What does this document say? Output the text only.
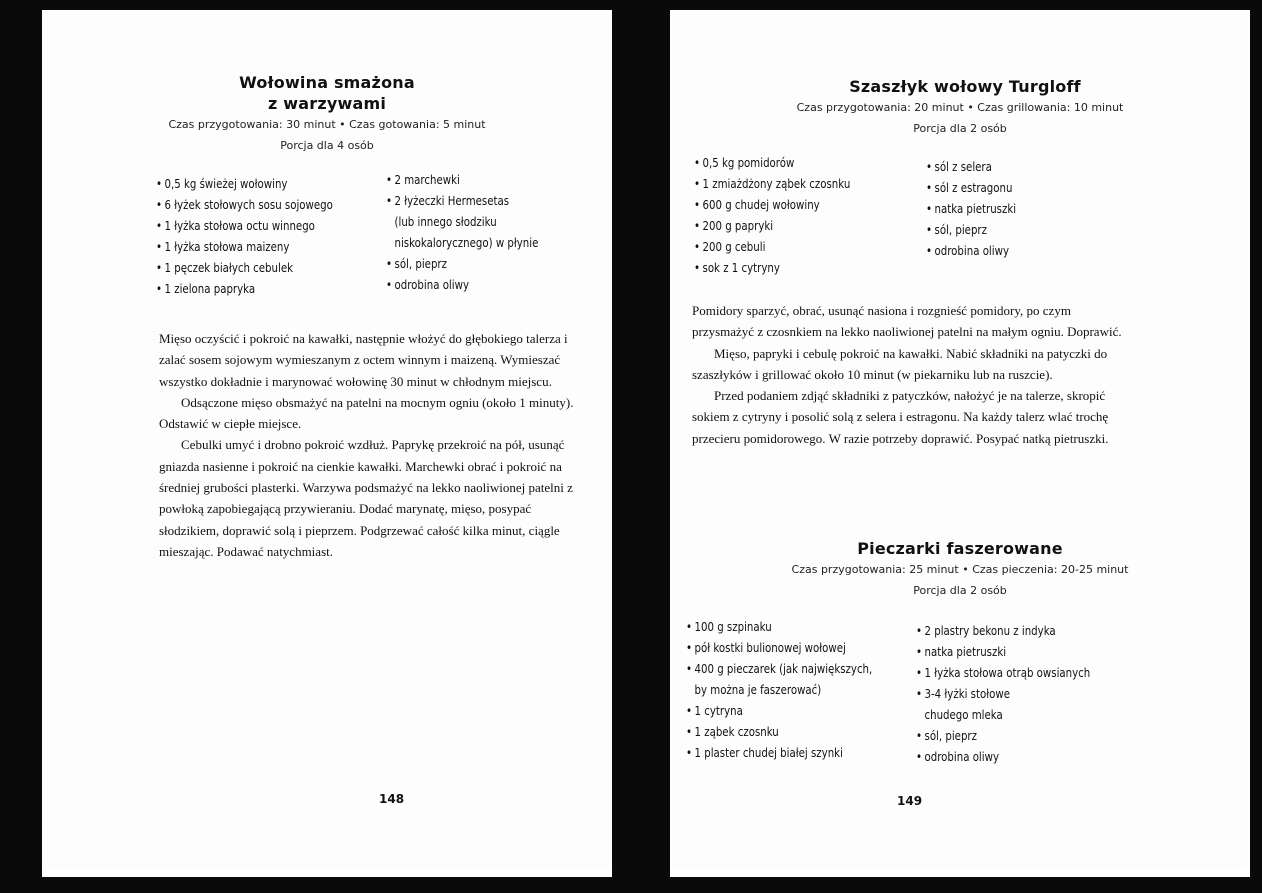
Wołowina smażona
z warzywami
Czas przygotowania: 30 minut • Czas gotowania: 5 minut
Porcja dla 4 osób
• 0,5 kg świeżej wołowiny
• 6 łyżek stołowych sosu sojowego
• 1 łyżka stołowa octu winnego
• 1 łyżka stołowa maizeny
• 1 pęczek białych cebulek
• 1 zielona papryka
• 2 marchewki
• 2 łyżeczki Hermesetas
(lub innego słodziku
niskokalorycznego) w płynie
• sól, pieprz
• odrobina oliwy

Mięso oczyścić i pokroić na kawałki, następnie włożyć do głębokiego talerza i zalać sosem sojowym wymieszanym z octem winnym i maizeną. Wymieszać wszystko dokładnie i marynować wołowinę 30 minut w chłodnym miejscu.

Odsączone mięso obsmażyć na patelni na mocnym ogniu (około 1 minuty). Odstawić w ciepłe miejsce.

Cebulki umyć i drobno pokroić wzdłuż. Paprykę przekroić na pół, usunąć gniazda nasienne i pokroić na cienkie kawałki. Marchewki obrać i pokroić na średniej grubości plasterki. Warzywa podsmażyć na lekko naoliwionej patelni z powłoką zapobiegającą przywieraniu. Dodać marynatę, mięso, posypać słodzikiem, doprawić solą i pieprzem. Podgrzewać całość kilka minut, ciągle mieszając. Podawać natychmiast.

148
Szaszłyk wołowy Turgloff
Czas przygotowania: 20 minut • Czas grillowania: 10 minut
Porcja dla 2 osób
• 0,5 kg pomidorów
• 1 zmiażdżony ząbek czosnku
• 600 g chudej wołowiny
• 200 g papryki
• 200 g cebuli
• sok z 1 cytryny
• sól z selera
• sól z estragonu
• natka pietruszki
• sól, pieprz
• odrobina oliwy

Pomidory sparzyć, obrać, usunąć nasiona i rozgnieść pomidory, po czym przysmażyć z czosnkiem na lekko naoliwionej patelni na małym ogniu. Doprawić.

Mięso, papryki i cebulę pokroić na kawałki. Nabić składniki na patyczki do szaszłyków i grillować około 10 minut (w piekarniku lub na ruszcie).

Przed podaniem zdjąć składniki z patyczków, nałożyć je na talerze, skropić sokiem z cytryny i posolić solą z selera i estragonu. Na każdy talerz wlać trochę przecieru pomidorowego. W razie potrzeby doprawić. Posypać natką pietruszki.

Pieczarki faszerowane
Czas przygotowania: 25 minut • Czas pieczenia: 20-25 minut
Porcja dla 2 osób
• 100 g szpinaku
• pół kostki bulionowej wołowej
• 400 g pieczarek (jak największych,
by można je faszerować)
• 1 cytryna
• 1 ząbek czosnku
• 1 plaster chudej białej szynki
• 2 plastry bekonu z indyka
• natka pietruszki
• 1 łyżka stołowa otrąb owsianych
• 3-4 łyżki stołowe
chudego mleka
• sól, pieprz
• odrobina oliwy
149
